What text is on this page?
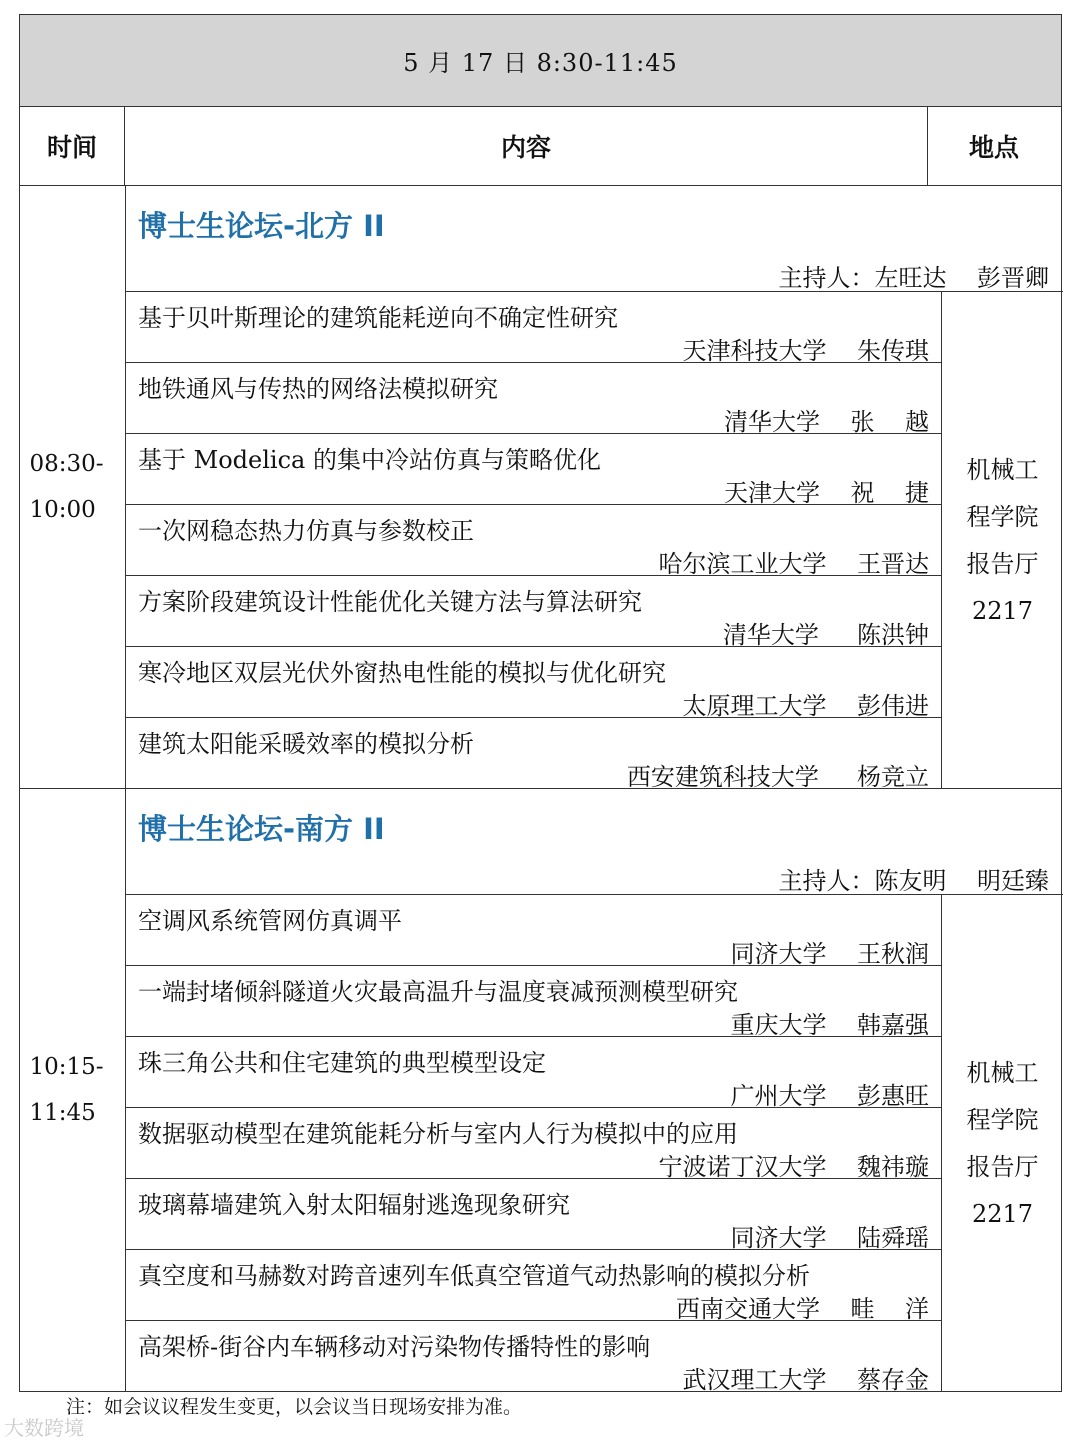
5 月 17 日 8:30-11:45
时间	内容	地点
08:30-
10:00
博士生论坛-北方 II
主持人：左旺达    彭晋卿
基于贝叶斯理论的建筑能耗逆向不确定性研究
天津科技大学    朱传琪
地铁通风与传热的网络法模拟研究
清华大学    张    越
基于 Modelica 的集中冷站仿真与策略优化
天津大学    祝    捷
一次网稳态热力仿真与参数校正
哈尔滨工业大学    王晋达
方案阶段建筑设计性能优化关键方法与算法研究
清华大学     陈洪钟
寒冷地区双层光伏外窗热电性能的模拟与优化研究
太原理工大学    彭伟进
建筑太阳能采暖效率的模拟分析
西安建筑科技大学     杨竞立
机械工
程学院
报告厅
2217
10:15-
11:45
博士生论坛-南方 II
主持人：陈友明    明廷臻
空调风系统管网仿真调平
同济大学    王秋润
一端封堵倾斜隧道火灾最高温升与温度衰减预测模型研究
重庆大学    韩嘉强
珠三角公共和住宅建筑的典型模型设定
广州大学    彭惠旺
数据驱动模型在建筑能耗分析与室内人行为模拟中的应用
宁波诺丁汉大学    魏祎璇
玻璃幕墙建筑入射太阳辐射逃逸现象研究
同济大学    陆舜瑶
真空度和马赫数对跨音速列车低真空管道气动热影响的模拟分析
西南交通大学    畦    洋
高架桥-街谷内车辆移动对污染物传播特性的影响
武汉理工大学    蔡存金
机械工
程学院
报告厅
2217
注：如会议议程发生变更，以会议当日现场安排为准。
大数跨境
